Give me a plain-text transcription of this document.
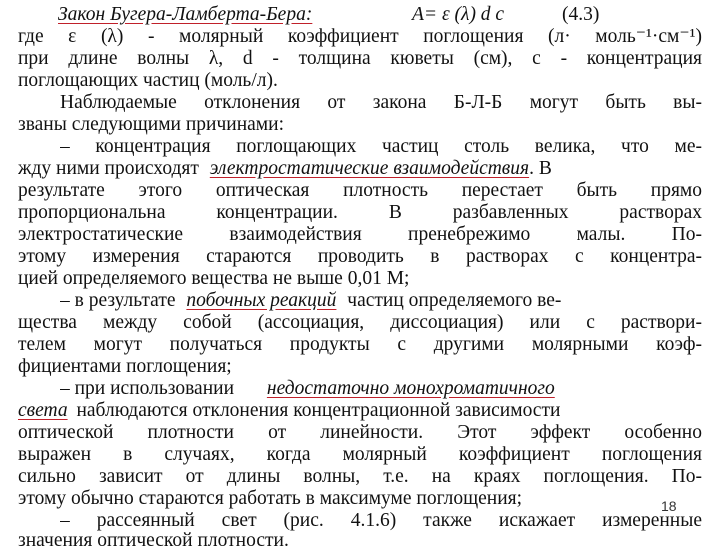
Закон Бугера-Ламберта-Бера:	A= ε (λ) d c	(4.3)
где ε (λ) - молярный коэффициент поглощения (л· моль⁻¹·см⁻¹)
при длине волны λ, d - толщина кюветы (см), c - концентрация
поглощающих частиц (моль/л).
Наблюдаемые отклонения от закона Б-Л-Б могут быть вы-
званы следующими причинами:
– концентрация поглощающих частиц столь велика, что ме-
жду ними происходят электростатические взаимодействия. В
результате этого оптическая плотность перестает быть прямо
пропорциональна концентрации. В разбавленных растворах
электростатические взаимодействия пренебрежимо малы. По-
этому измерения стараются проводить в растворах с концентра-
цией определяемого вещества не выше 0,01 М;
– в результате побочных реакций частиц определяемого ве-
щества между собой (ассоциация, диссоциация) или с раствори-
телем могут получаться продукты с другими молярными коэф-
фициентами поглощения;
– при использовании недостаточно монохроматичного
света наблюдаются отклонения концентрационной зависимости
оптической плотности от линейности. Этот эффект особенно
выражен в случаях, когда молярный коэффициент поглощения
сильно зависит от длины волны, т.е. на краях поглощения. По-
этому обычно стараются работать в максимуме поглощения;
– рассеянный свет (рис. 4.1.6) также искажает измеренные
значения оптической плотности.
18
